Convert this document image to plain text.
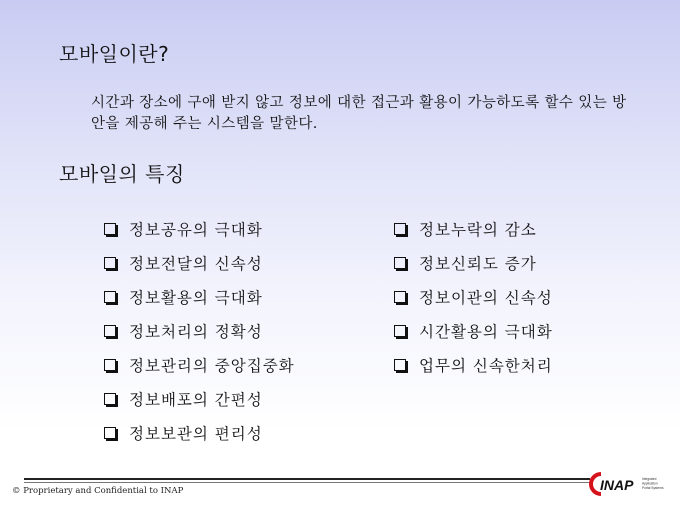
모바일이란?
시간과 장소에 구애 받지 않고 정보에 대한 접근과 활용이 가능하도록 할수 있는 방안을 제공해 주는 시스템을 말한다.
모바일의 특징
정보공유의 극대화
정보전달의 신속성
정보활용의 극대화
정보처리의 정확성
정보관리의 중앙집중화
정보배포의 간편성
정보보관의 편리성
정보누락의 감소
정보신뢰도 증가
정보이관의 신속성
시간활용의 극대화
업무의 신속한처리
© Proprietary and Confidential to INAP	INAP	Integrated
Application
Portal Systems
